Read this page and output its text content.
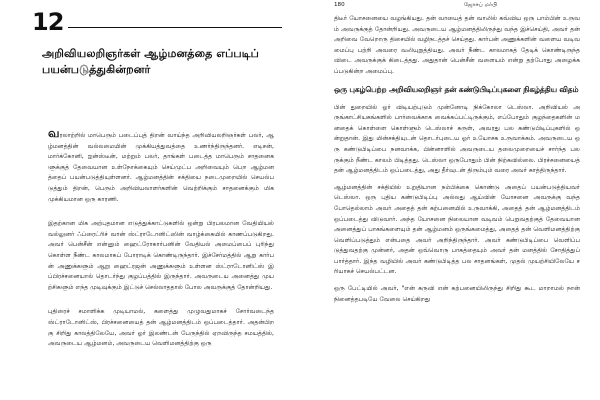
12
அறிவியலறிஞர்கள் ஆழ்மனத்தை எப்படிப் பயன்படுத்துகின்றனர்

வரலாற்றில் மாபெரும் படைப்புத் திறன் வாய்ந்த அறிவியலறிஞர்கள் பலர், ஆழ்மனத்தின் வல்லமையின் முக்கியத்துவத்தை உணர்ந்திருந்தனர். எடிசன், மார்க்கோனி, ஐன்ஸ்டீன், மற்றும் பலர், தாங்கள் படைத்த மாபெரும் சாதனைகளுக்குத் தேவையான உள்நோக்கையும் செய்முட்ப அறிவையும் பெற ஆழ்மனத்தைப் பயன்படுத்தியுள்ளனர். ஆழ்மனத்தின் சக்தியை நடைமுறையில் செயல்படுத்தும் திறன், பெரும் அறிவியலாளர்களின் வெற்றிக்கும் சாதனைக்கும் மிக முக்கியமான ஒரு காரணி.

இதற்கான மிக அற்புதமான எடுத்துக்காட்டுகளில் ஒன்று பிரபலமான வேதியியல் வல்லுனர் ஃப்ரைட்ரிச் வான் ஸ்ட்ராடோனிட்ஸின் வாழ்க்கையில் காணப்படுகிறது. அவர் பென்சீன் என்னும் ஹைட்ரோகார்பனின் வேதியல் அமைப்பைப் புரிந்து கொள்ள நீண்ட காலமாகப் போராடிக் கொண்டிருந்தார். இச்சேர்மத்தில் ஆறு கார்பன் அணுக்களும் ஆறு ஹைட்ரஜன் அணுக்களும் உள்ளன ஸ்ட்ராடோனிட்ஸ் இப்பிரச்சனையால் தொடர்ந்து குழப்பத்தில் இருந்தார். அவருடைய அனைத்து முயற்சிகளும் எந்த முடிவுக்கும் இட்டுச் செல்லாததால் போல அவருக்குத் தோன்றியது.

புதிரைச் சமாளிக்க முடியாமல், களைத்து முழுவதுமாகச் சோர்வடைந்த ஸ்ட்ராடோனிட்ஸ், பிரச்சனையைத் தன் ஆழ்மனத்திடம் ஒப்படைத்தார். அதன்பிறகு சிறிது காலத்திலேயே, அவர் ஓர் இலண்டன் பேருந்தில் ஏறவிருந்த சமயத்தில், அவருடைய ஆழ்மனம், அவருடைய வெளிமனத்திற்கு ஒரு

180	ஜோசப் மர்பி

திடீர் யோசனையை வழங்கியது. தன் வாயைத் தன் வாலில் கவ்விய ஒரு பாம்பின் உருவம் அவருக்குத் தோன்றியது. அவருடைய ஆழ்மனத்திலிருந்து வந்த இச்செய்தி, அவர் தன் அறிவை வேறொரு திசையில் வழிநடத்தச் செய்தது. கார்பன் அணுக்களின் வளைய வடிவமைப்பு பற்றி அவரை வலியுறுத்தியது. அவர் நீண்ட காலமாகத் தேடிக் கொண்டிருந்த விடை அவருக்குக் கிடைத்தது. அதுதான் பென்சீன் வளையம் என்று தற்போது அழைக்கப்படுகின்ற அமைப்பு.

ஒரு புகழ்பெற்ற அறிவியலறிஞர் தன் கண்டுபிடிப்புகளை நிகழ்த்திய விதம்

பின் துறையில் ஓர் விடியற்புடும் முன்னோடி நிக்கோலா டெஸ்லா. அறிவியல் அருங்காட்சியகங்களில் பார்வைக்காக வைக்கப்பட்டிருக்கும், எப்போதும் குழந்தைகளின் மனதைக் கொள்ளை கொள்ளும் டெஸ்லாச் சுருள், அவரது பல கண்டுபிடிப்புகளில் ஒன்றுதான். இது மின்சக்தியுடன் தொடர்புடைய ஓர் உயோசக உருவாக்கம். அவருடைய ஒரு கண்டுபிடிப்பை நனவாக்க, பின்னாளில் அவருடைய தலைமுறையைச் சார்ந்த பலருக்கும் நீண்ட காலம் பிடித்தது. டெஸ்லா ஒருபோதும் பின் நிற்கவில்லை. பிரச்சனையைத் தன் ஆழ்மனத்திடம் ஒப்படைத்து, அது தீர்வுடன் திரும்பும் வரை அவர் காத்திருந்தார்.

ஆழ்மனத்தின் சக்தியில் உறுதியான நம்பிக்கை கொண்டு அதைப் பயன்படுத்தியவர் டெஸ்லா. ஒரு புதிய கண்டுபிடிப்பு அல்லது ஆய்வின் யோசனை அவருக்கு வந்தபோதெல்லாம் அவர் அதைத் தன் கற்பனையில் உருவாக்கி, அதைத் தன் ஆழ்மனத்திடம் ஒப்படைத்து விடுவார். அந்த யோசனை நிலையான வடிவம் பெறுவதற்குத் தேவையான அனைத்துப் பாகங்களையும் தன் ஆழ்மனம் ஒருங்கமைத்து, அதைத் தன் வெளிமனத்திற்கு வெளிப்படுத்தும் என்பதை அவர் அறிந்திருந்தார். அவர் கண்டுபிடிப்பை வெளிப்படுத்துவதற்கு முன்னர், அதன் ஒவ்வொரு பாகத்தையும் அவர் தன் மனத்தில் சோதித்துப் பார்த்தார். இந்த வழியில் அவர் கண்டுபிடித்த பல சாதனங்கள், முதல் முயற்சியிலேயே சரியாகச் செயல்பட்டன.

ஒரு பேட்டியில் அவர், "என் கருவி என் கற்பனையிலிருந்து சிறிது கூட மாறாமல் நான் நினைத்தபடியே வேலை செய்கிறது
